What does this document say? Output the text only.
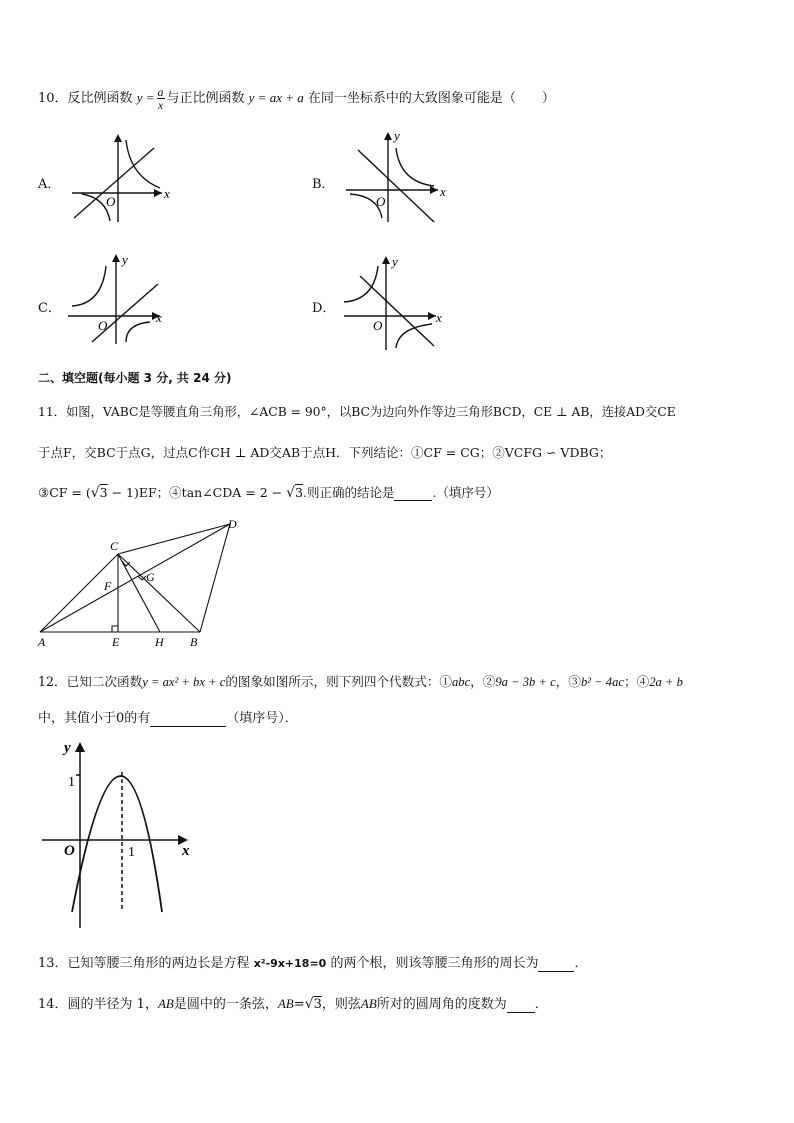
10．反比例函数 $y = \frac{a}{x}$ 与正比例函数 y = ax + a 在同一坐标系中的大致图象可能是（　　）
A．
x
O
B．
y
x
O
C．
y
x
O
D．
y
x
O
二、填空题(每小题 3 分, 共 24 分)
11．如图，VABC是等腰直角三角形，∠ACB = 90°，以BC为边向外作等边三角形BCD，CE ⊥ AB，连接AD交CE
于点F，交BC于点G，过点C作CH ⊥ AD交AB于点H．下列结论：①CF = CG；②VCFG ∽ VDBG；
③CF = (√3 − 1)EF；④tan∠CDA = 2 − √3.则正确的结论是	.（填序号）
A	E	H B
C
D
F
G
12．已知二次函数y = ax² + bx + c的图象如图所示，则下列四个代数式：①abc，②9a − 3b + c，③b² − 4ac；④2a + b
中，其值小于0的有	（填序号）．
y
x
O
1
1
13．已知等腰三角形的两边长是方程 x²-9x+18=0 的两个根，则该等腰三角形的周长为	．
14．圆的半径为 1，AB是圆中的一条弦，AB=√3，则弦AB所对的圆周角的度数为 ．
